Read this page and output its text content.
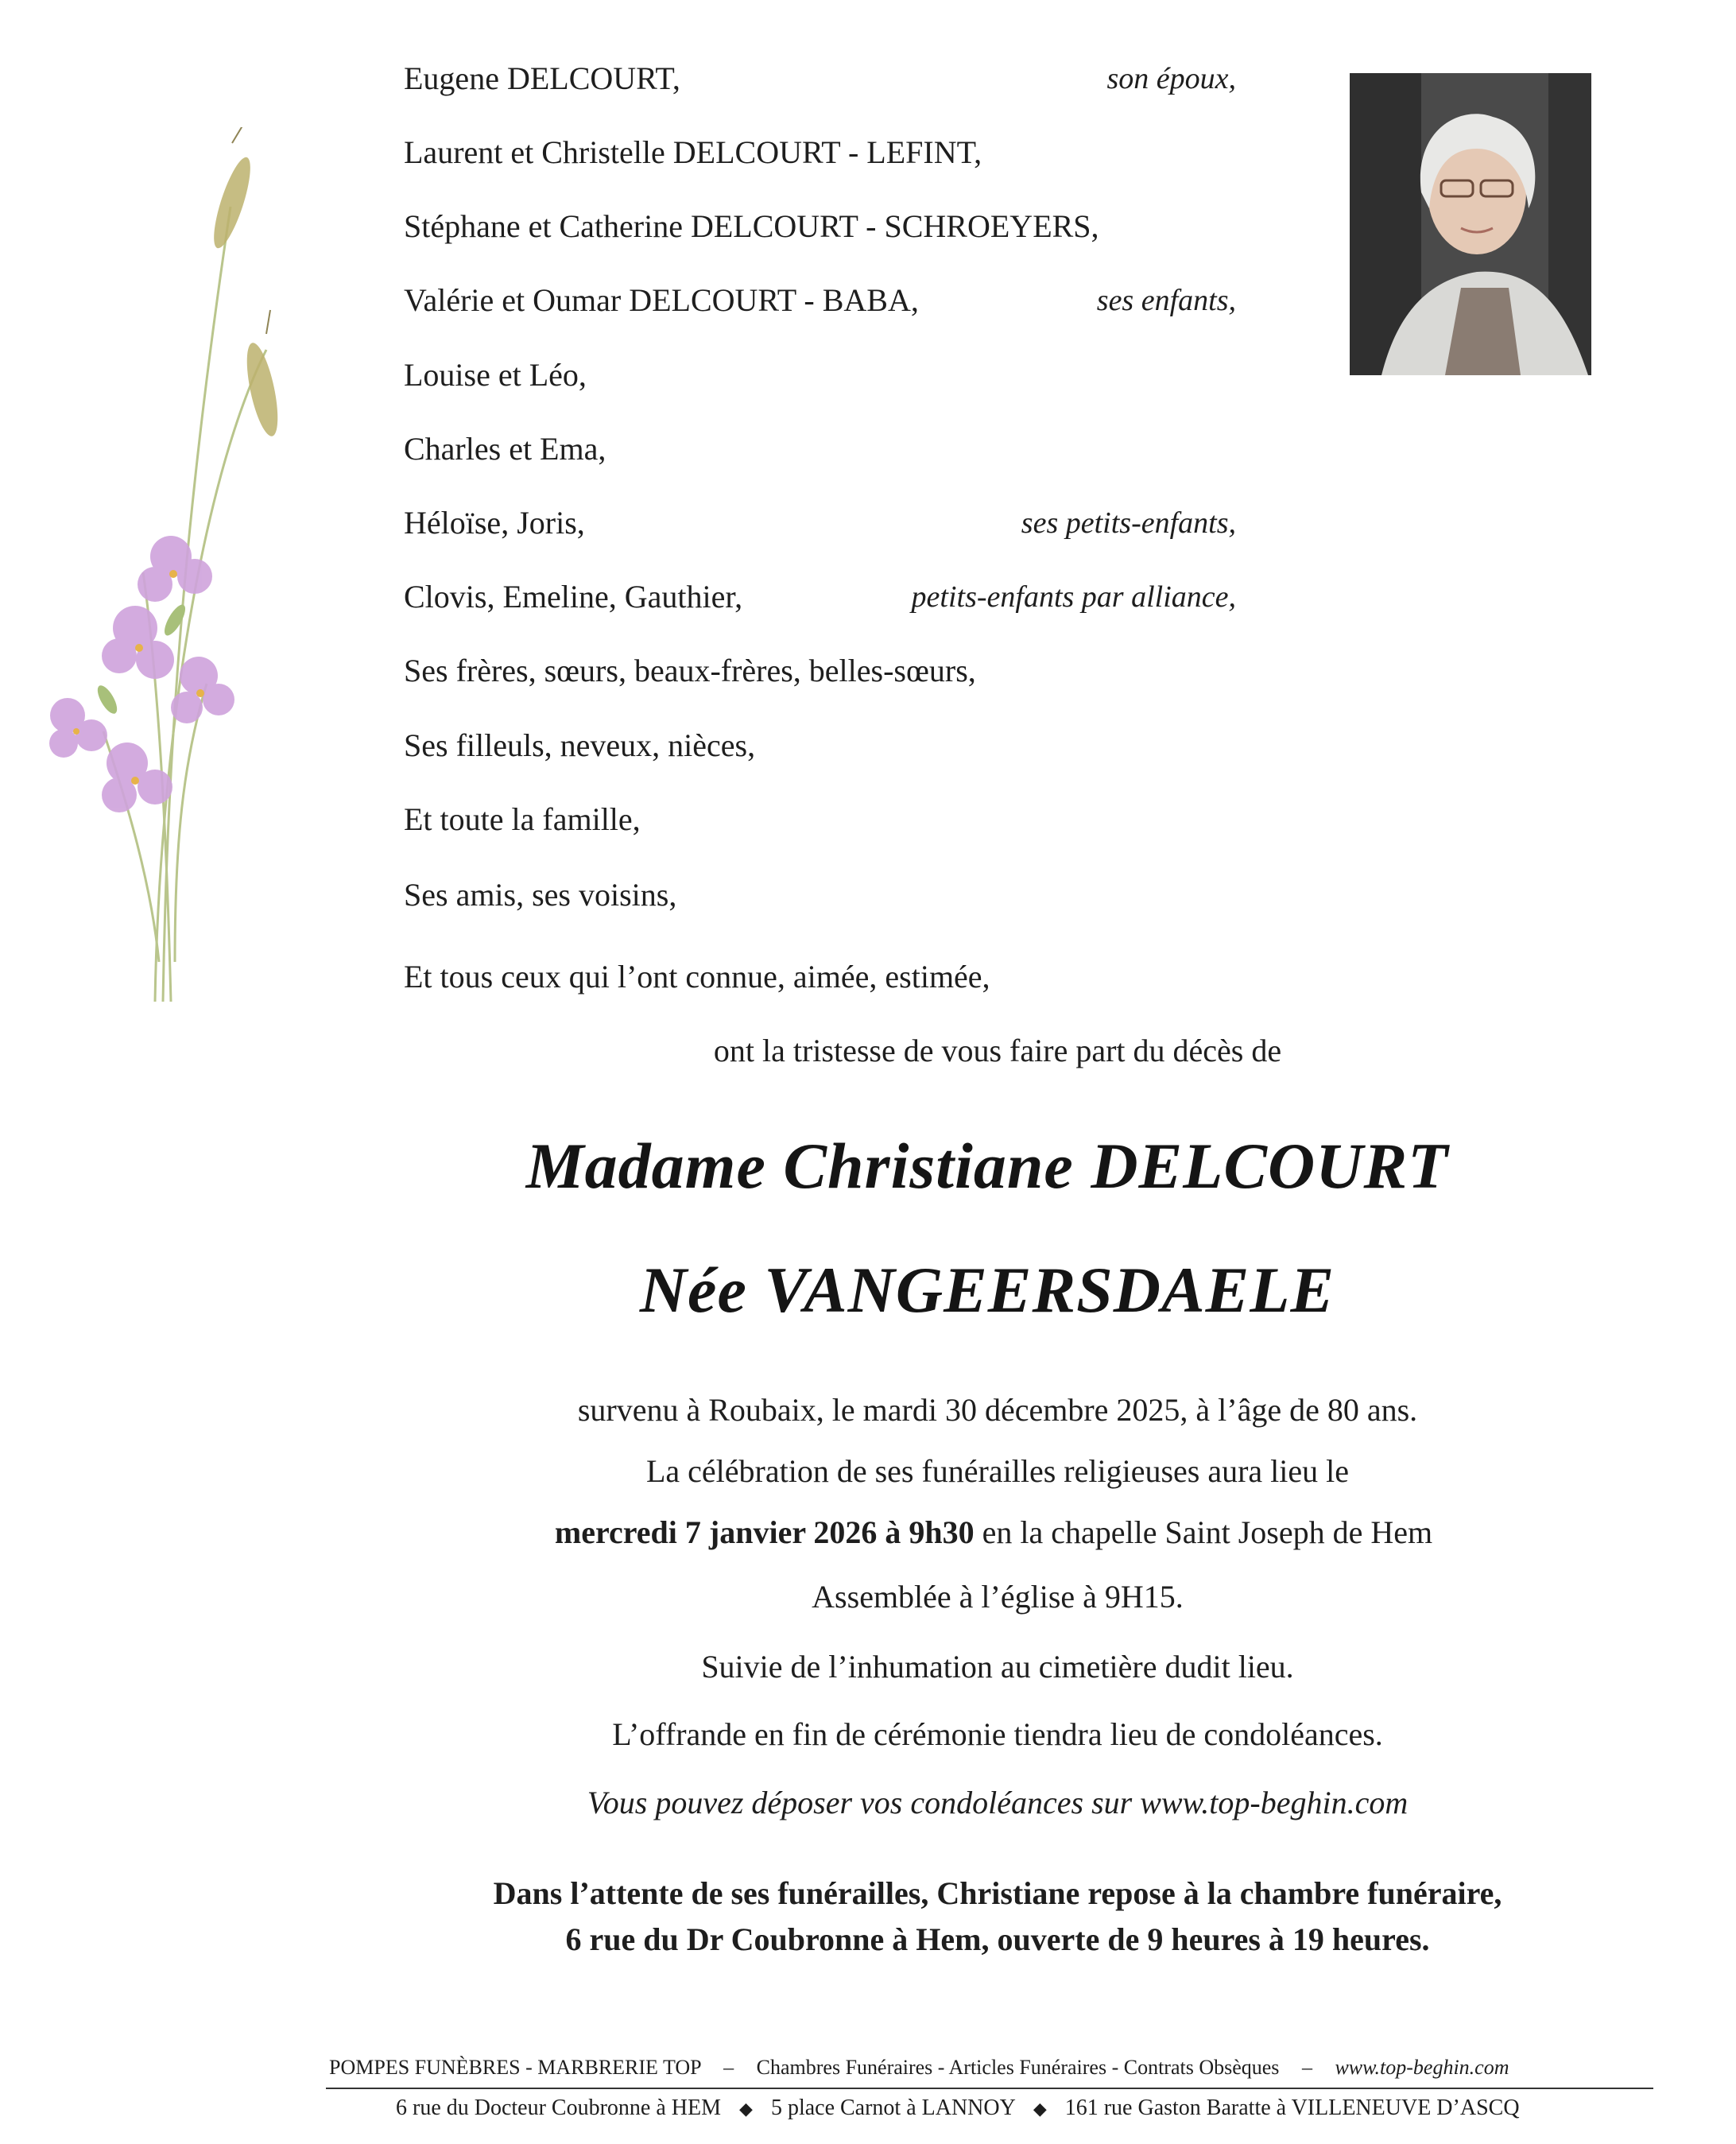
Eugene DELCOURT,	son époux,
Laurent et Christelle DELCOURT - LEFINT,
Stéphane et Catherine DELCOURT - SCHROEYERS,
Valérie et Oumar DELCOURT - BABA,	ses enfants,
Louise et Léo,
Charles et Ema,
Héloïse, Joris,	ses petits-enfants,
Clovis, Emeline, Gauthier,	petits-enfants par alliance,
Ses frères, sœurs, beaux-frères, belles-sœurs,
Ses filleuls, neveux, nièces,
Et toute la famille,
Ses amis, ses voisins,
Et tous ceux qui l’ont connue, aimée, estimée,
ont la tristesse de vous faire part du décès de
Madame Christiane DELCOURT
Née VANGEERSDAELE
survenu à Roubaix, le mardi 30 décembre 2025, à l’âge de 80 ans.
La célébration de ses funérailles religieuses aura lieu le
mercredi 7 janvier 2026 à 9h30 en la chapelle Saint Joseph de Hem
Assemblée à l’église à 9H15.
Suivie de l’inhumation au cimetière dudit lieu.
L’offrande en fin de cérémonie tiendra lieu de condoléances.
Vous pouvez déposer vos condoléances sur www.top-beghin.com
Dans l’attente de ses funérailles, Christiane repose à la chambre funéraire,
6 rue du Dr Coubronne à Hem, ouverte de 9 heures à 19 heures.
POMPES FUNÈBRES - MARBRERIE TOP – Chambres Funéraires - Articles Funéraires - Contrats Obsèques – www.top-beghin.com
6 rue du Docteur Coubronne à HEM ◆ 5 place Carnot à LANNOY ◆ 161 rue Gaston Baratte à VILLENEUVE D’ASCQ
